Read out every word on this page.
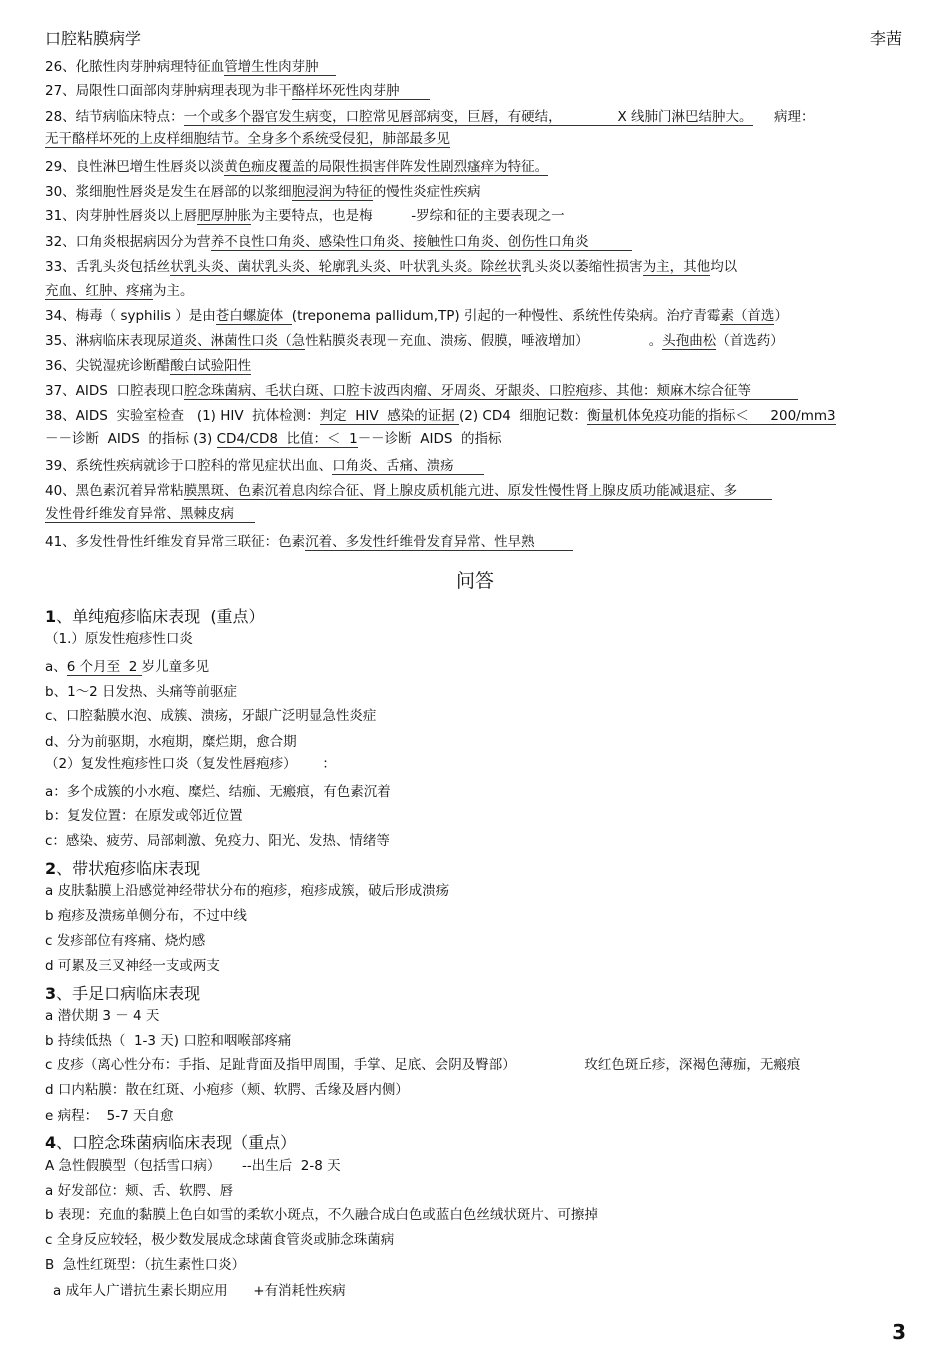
口腔粘膜病学	李茜
26、化脓性肉芽肿病理特征血管增生性肉芽肿
27、局限性口面部肉芽肿病理表现为非干酪样坏死性肉芽肿
28、结节病临床特点：一个或多个器官发生病变，口腔常见唇部病变，巨唇，有硬结，             X 线肺门淋巴结肿大。     病理：
无干酪样坏死的上皮样细胞结节。全身多个系统受侵犯，肺部最多见
29、良性淋巴增生性唇炎以淡黄色痂皮覆盖的局限性损害伴阵发性剧烈瘙痒为特征。
30、浆细胞性唇炎是发生在唇部的以浆细胞浸润为特征的慢性炎症性疾病
31、肉芽肿性唇炎以上唇肥厚肿胀为主要特点，也是梅         -罗综和征的主要表现之一
32、口角炎根据病因分为营养不良性口角炎、感染性口角炎、接触性口角炎、创伤性口角炎
33、舌乳头炎包括丝状乳头炎、菌状乳头炎、轮廓乳头炎、叶状乳头炎。除丝状乳头炎以萎缩性损害为主，其他均以
充血、红肿、疼痛为主。
34、梅毒（ syphilis ）是由苍白螺旋体  (treponema pallidum,TP) 引起的一种慢性、系统性传染病。治疗青霉素（首选）
35、淋病临床表现尿道炎、淋菌性口炎（急性粘膜炎表现－充血、溃疡、假膜，唾液增加）              。头孢曲松（首选药）
36、尖锐湿疣诊断醋酸白试验阳性
37、AIDS  口腔表现口腔念珠菌病、毛状白斑、口腔卡波西肉瘤、牙周炎、牙龈炎、口腔疱疹、其他：颊麻木综合征等
38、AIDS  实验室检查   (1) HIV  抗体检测：判定  HIV  感染的证据 (2) CD4  细胞记数：衡量机体免疫功能的指标＜     200/mm3
－－诊断  AIDS  的指标 (3) CD4/CD8  比值：＜  1－－诊断  AIDS  的指标
39、系统性疾病就诊于口腔科的常见症状出血、口角炎、舌痛、溃疡
40、黑色素沉着异常粘膜黑斑、色素沉着息肉综合征、肾上腺皮质机能亢进、原发性慢性肾上腺皮质功能减退症、多
发性骨纤维发育异常、黑棘皮病
41、多发性骨性纤维发育异常三联征：色素沉着、多发性纤维骨发育异常、性早熟
（1.）原发性疱疹性口炎
a、6 个月至  2 岁儿童多见
b、1～2 日发热、头痛等前驱症
c、口腔黏膜水泡、成簇、溃疡，牙龈广泛明显急性炎症
d、分为前驱期，水疱期，糜烂期，愈合期
（2）复发性疱疹性口炎（复发性唇疱疹）      ：
a：多个成簇的小水疱、糜烂、结痂、无瘢痕，有色素沉着
b：复发位置：在原发或邻近位置
c：感染、疲劳、局部刺激、免疫力、阳光、发热、情绪等
a 皮肤黏膜上沿感觉神经带状分布的疱疹，疱疹成簇，破后形成溃疡
b 疱疹及溃疡单侧分布，不过中线
c 发疹部位有疼痛、烧灼感
d 可累及三叉神经一支或两支
a 潜伏期 3 － 4 天
b 持续低热（  1-3 天) 口腔和咽喉部疼痛
c 皮疹（离心性分布：手指、足趾背面及指甲周围，手掌、足底、会阴及臀部）                玫红色斑丘疹，深褐色薄痂，无瘢痕
d 口内粘膜：散在红斑、小疱疹（颊、软腭、舌缘及唇内侧）
e 病程：  5-7 天自愈
A 急性假膜型（包括雪口病）     --出生后  2-8 天
a 好发部位：颊、舌、软腭、唇
b 表现：充血的黏膜上色白如雪的柔软小斑点，不久融合成白色或蓝白色丝绒状斑片、可擦掉
c 全身反应较轻，极少数发展成念球菌食管炎或肺念珠菌病
B  急性红斑型：（抗生素性口炎）
a 成年人广谱抗生素长期应用      +有消耗性疾病
问答
1、单纯疱疹临床表现  (重点）
2、带状疱疹临床表现
3、手足口病临床表现
4、口腔念珠菌病临床表现（重点）
3
